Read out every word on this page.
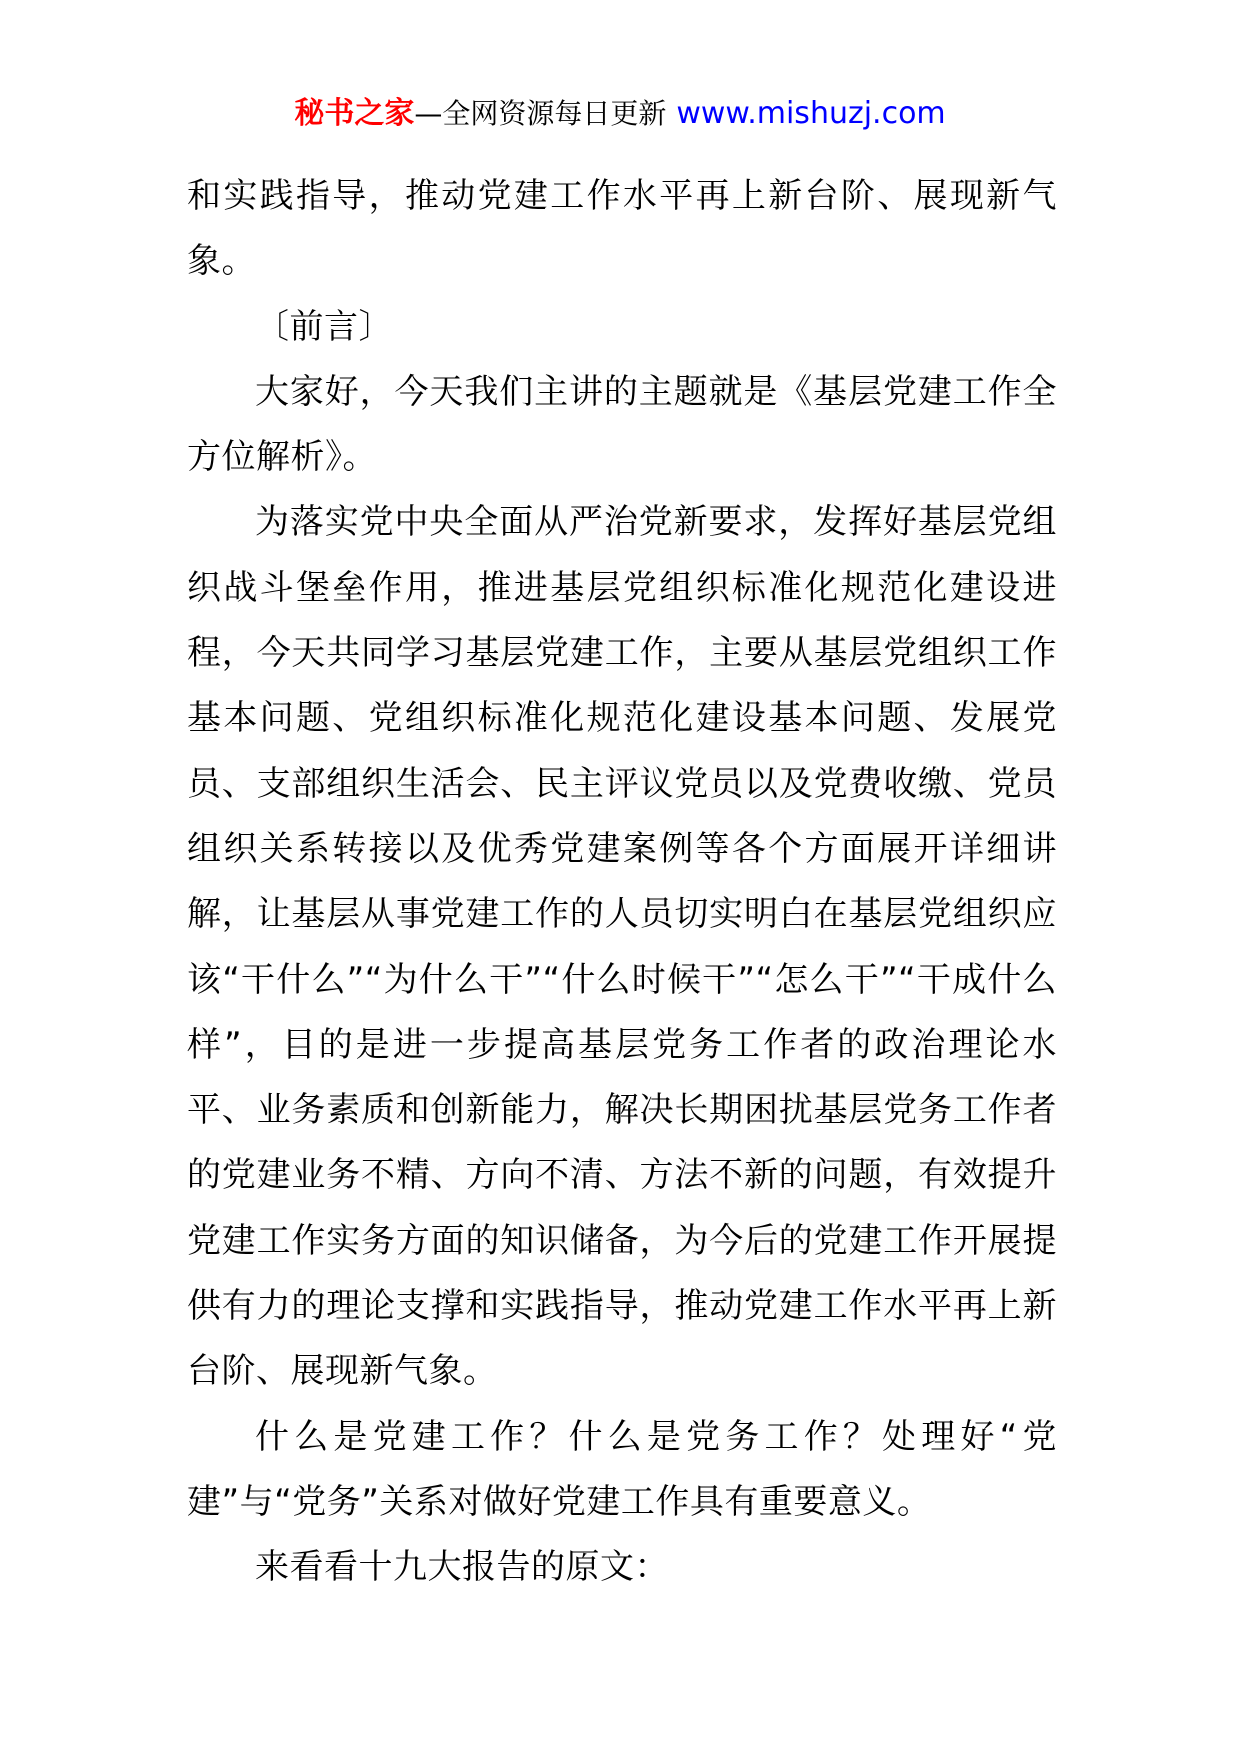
秘书之家—全网资源每日更新 www.mishuzj.com

和实践指导，推动党建工作水平再上新台阶、展现新气象。

〔前言〕

大家好，今天我们主讲的主题就是《基层党建工作全方位解析》。

为落实党中央全面从严治党新要求，发挥好基层党组织战斗堡垒作用，推进基层党组织标准化规范化建设进程，今天共同学习基层党建工作，主要从基层党组织工作基本问题、党组织标准化规范化建设基本问题、发展党员、支部组织生活会、民主评议党员以及党费收缴、党员组织关系转接以及优秀党建案例等各个方面展开详细讲解，让基层从事党建工作的人员切实明白在基层党组织应该“干什么”“为什么干”“什么时候干”“怎么干”“干成什么样”，目的是进一步提高基层党务工作者的政治理论水平、业务素质和创新能力，解决长期困扰基层党务工作者的党建业务不精、方向不清、方法不新的问题，有效提升党建工作实务方面的知识储备，为今后的党建工作开展提供有力的理论支撑和实践指导，推动党建工作水平再上新台阶、展现新气象。

什么是党建工作？什么是党务工作？处理好“党建”与“党务”关系对做好党建工作具有重要意义。

来看看十九大报告的原文：
